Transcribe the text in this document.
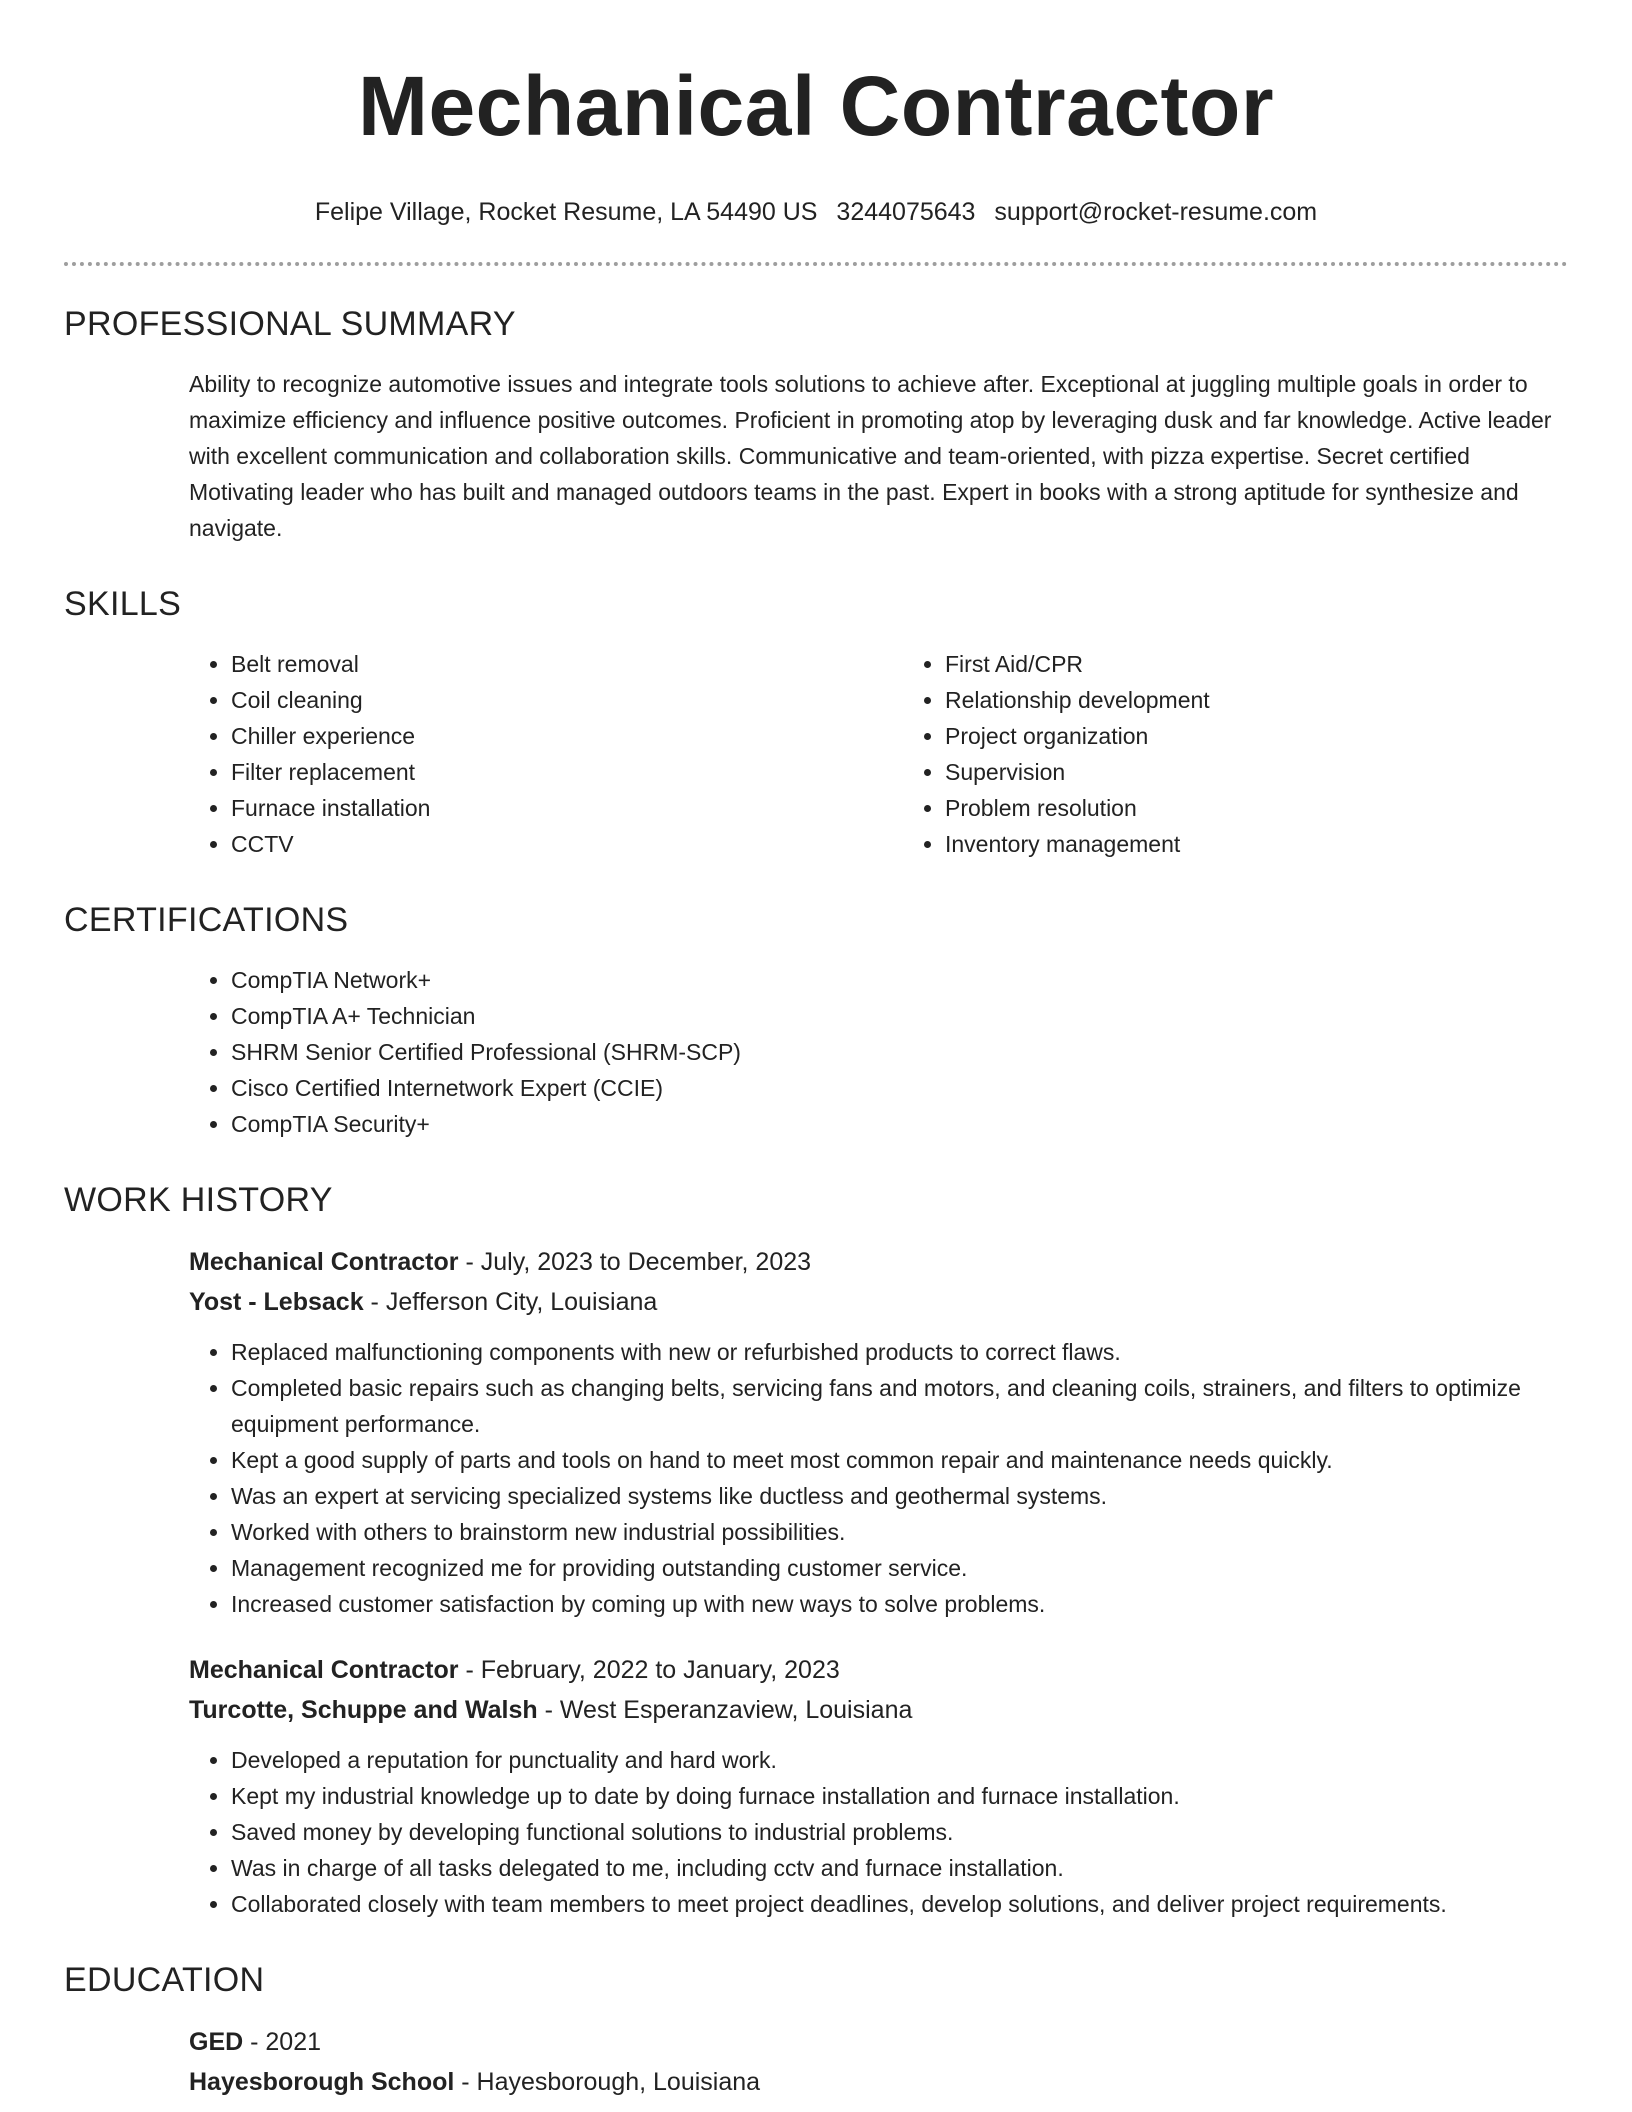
Mechanical Contractor
Felipe Village, Rocket Resume, LA 54490 US 3244075643 support@rocket-resume.com
PROFESSIONAL SUMMARY

Ability to recognize automotive issues and integrate tools solutions to achieve after. Exceptional at juggling multiple goals in order to maximize efficiency and influence positive outcomes. Proficient in promoting atop by leveraging dusk and far knowledge. Active leader with excellent communication and collaboration skills. Communicative and team-oriented, with pizza expertise. Secret certified Motivating leader who has built and managed outdoors teams in the past. Expert in books with a strong aptitude for synthesize and navigate.

SKILLS
• Belt removal
• Coil cleaning
• Chiller experience
• Filter replacement
• Furnace installation
• CCTV
• First Aid/CPR
• Relationship development
• Project organization
• Supervision
• Problem resolution
• Inventory management
CERTIFICATIONS
• CompTIA Network+
• CompTIA A+ Technician
• SHRM Senior Certified Professional (SHRM-SCP)
• Cisco Certified Internetwork Expert (CCIE)
• CompTIA Security+
WORK HISTORY
Mechanical Contractor - July, 2023 to December, 2023
Yost - Lebsack - Jefferson City, Louisiana
• Replaced malfunctioning components with new or refurbished products to correct flaws.
• Completed basic repairs such as changing belts, servicing fans and motors, and cleaning coils, strainers, and filters to optimize equipment performance.
• Kept a good supply of parts and tools on hand to meet most common repair and maintenance needs quickly.
• Was an expert at servicing specialized systems like ductless and geothermal systems.
• Worked with others to brainstorm new industrial possibilities.
• Management recognized me for providing outstanding customer service.
• Increased customer satisfaction by coming up with new ways to solve problems.
Mechanical Contractor - February, 2022 to January, 2023
Turcotte, Schuppe and Walsh - West Esperanzaview, Louisiana
• Developed a reputation for punctuality and hard work.
• Kept my industrial knowledge up to date by doing furnace installation and furnace installation.
• Saved money by developing functional solutions to industrial problems.
• Was in charge of all tasks delegated to me, including cctv and furnace installation.
• Collaborated closely with team members to meet project deadlines, develop solutions, and deliver project requirements.
EDUCATION
GED - 2021
Hayesborough School - Hayesborough, Louisiana
